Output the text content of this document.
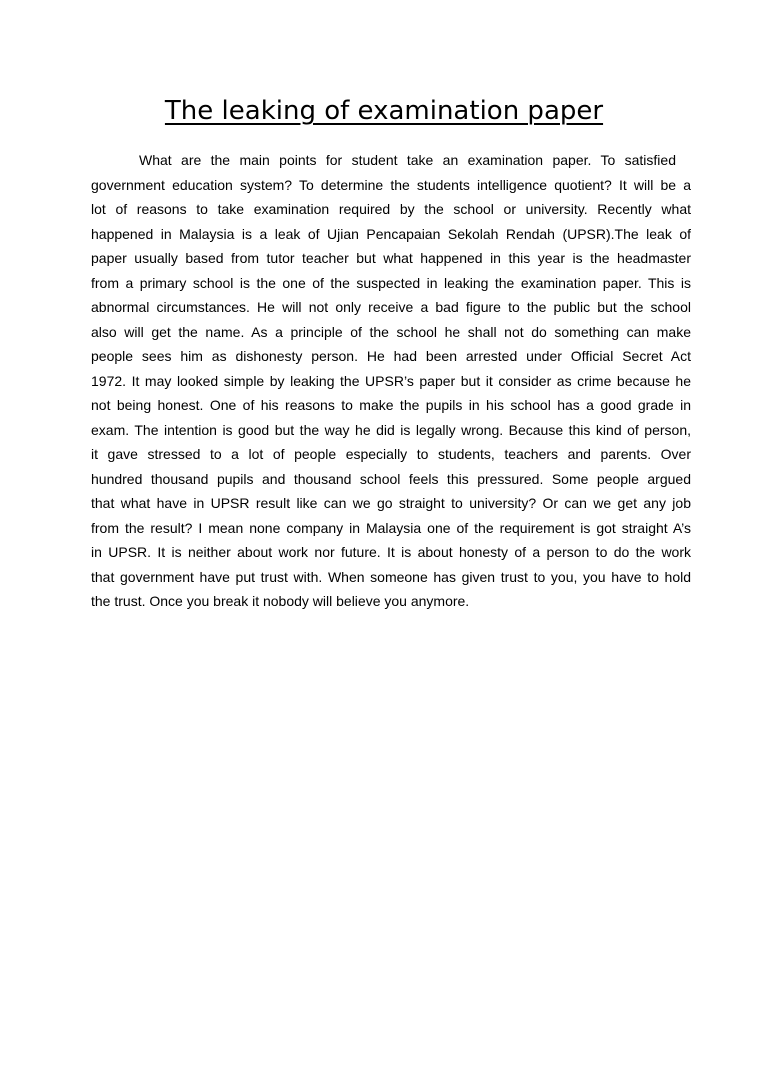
The leaking of examination paper
What are the main points for student take an examination paper. To satisfied
government education system? To determine the students intelligence quotient? It will be a
lot of reasons to take examination required by the school or university. Recently what
happened in Malaysia is a leak of Ujian Pencapaian Sekolah Rendah (UPSR).The leak of
paper usually based from tutor teacher but what happened in this year is the headmaster
from a primary school is the one of the suspected in leaking the examination paper. This is
abnormal circumstances. He will not only receive a bad figure to the public but the school
also will get the name. As a principle of the school he shall not do something can make
people sees him as dishonesty person. He had been arrested under Official Secret Act
1972. It may looked simple by leaking the UPSR’s paper but it consider as crime because he
not being honest. One of his reasons to make the pupils in his school has a good grade in
exam. The intention is good but the way he did is legally wrong. Because this kind of person,
it gave stressed to a lot of people especially to students, teachers and parents. Over
hundred thousand pupils and thousand school feels this pressured. Some people argued
that what have in UPSR result like can we go straight to university? Or can we get any job
from the result? I mean none company in Malaysia one of the requirement is got straight A’s
in UPSR. It is neither about work nor future. It is about honesty of a person to do the work
that government have put trust with. When someone has given trust to you, you have to hold
the trust. Once you break it nobody will believe you anymore.
